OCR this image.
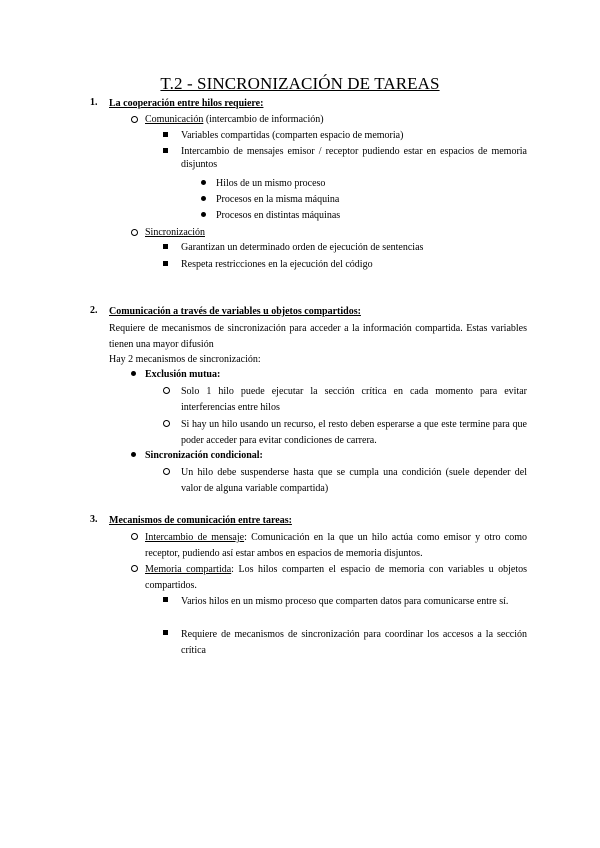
T.2 - SINCRONIZACIÓN DE TAREAS
1. La cooperación entre hilos requiere:
Comunicación (intercambio de información)
Variables compartidas (comparten espacio de memoria)
Intercambio de mensajes emisor / receptor pudiendo estar en espacios de memoria disjuntos
Hilos de un mismo proceso
Procesos en la misma máquina
Procesos en distintas máquinas
Sincronización
Garantizan un determinado orden de ejecución de sentencias
Respeta restricciones en la ejecución del código
2. Comunicación a través de variables u objetos compartidos:
Requiere de mecanismos de sincronización para acceder a la información compartida. Estas variables tienen una mayor difusión
Hay 2 mecanismos de sincronización:
Exclusión mutua:
Solo 1 hilo puede ejecutar la sección crítica en cada momento para evitar interferencias entre hilos
Si hay un hilo usando un recurso, el resto deben esperarse a que este termine para que poder acceder para evitar condiciones de carrera.
Sincronización condicional:
Un hilo debe suspenderse hasta que se cumpla una condición (suele depender del valor de alguna variable compartida)
3. Mecanismos de comunicación entre tareas:
Intercambio de mensaje: Comunicación en la que un hilo actúa como emisor y otro como receptor, pudiendo así estar ambos en espacios de memoria disjuntos.
Memoria compartida: Los hilos comparten el espacio de memoria con variables u objetos compartidos.
Varios hilos en un mismo proceso que comparten datos para comunicarse entre sí.
Requiere de mecanismos de sincronización para coordinar los accesos a la sección crítica
